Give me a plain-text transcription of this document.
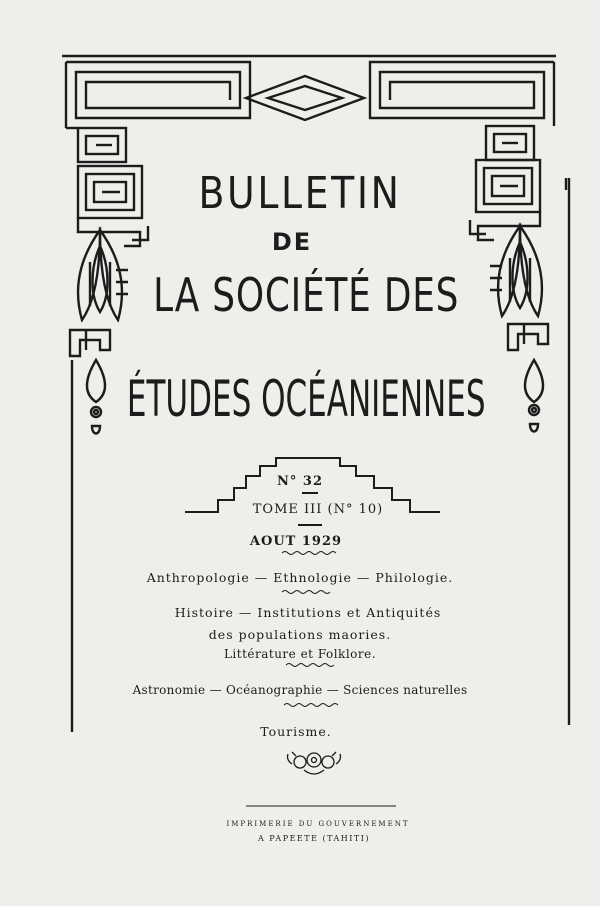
BULLETIN
DE
LA SOCIÉTÉ DES
ÉTUDES OCÉANIENNES
N° 32
TOME III (N° 10)
AOUT 1929
Anthropologie — Ethnologie — Philologie.
Histoire — Institutions et Antiquités
des populations maories.
Littérature et Folklore.
Astronomie — Océanographie — Sciences naturelles
Tourisme.
IMPRIMERIE DU GOUVERNEMENT
A PAPEETE (TAHITI)
